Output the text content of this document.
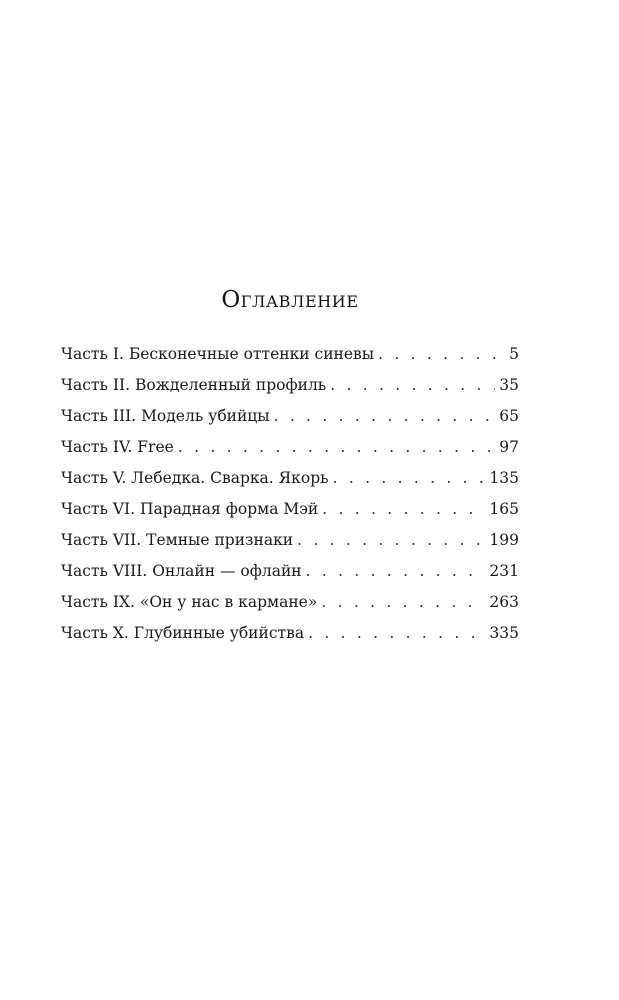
Оглавление
Часть I. Бесконечные оттенки синевы . . .	5
Часть II. Вожделенный профиль . . .	35
Часть III. Модель убийцы . . .	65
Часть IV. Free . . .	97
Часть V. Лебедка. Сварка. Якорь . . .	135
Часть VI. Парадная форма Мэй . . .	165
Часть VII. Темные признаки . . .	199
Часть VIII. Онлайн — офлайн . . .	231
Часть IX. «Он у нас в кармане» . . .	263
Часть X. Глубинные убийства . . .	335
